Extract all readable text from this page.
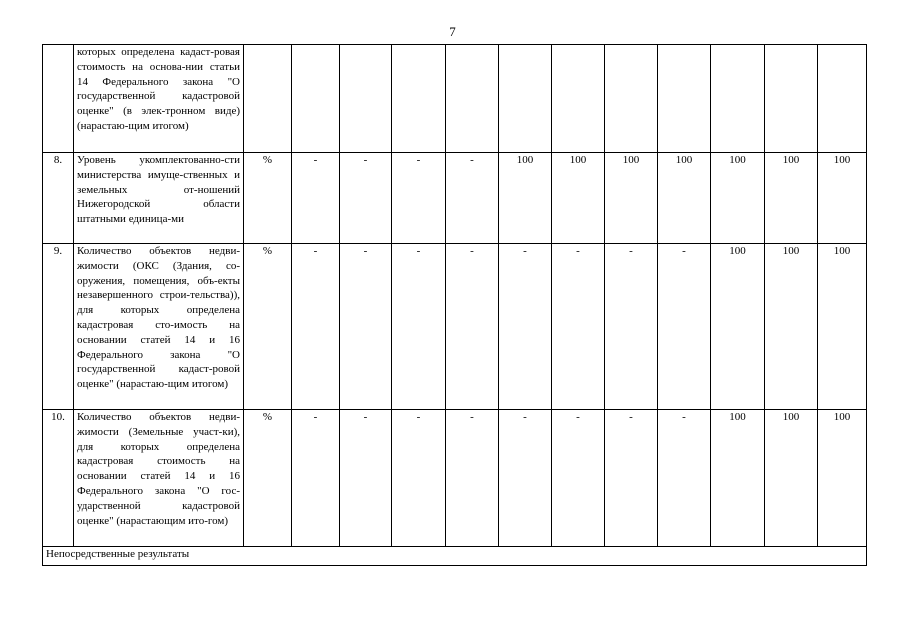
7
	которых определена кадаст-ровая стоимость на основа-нии статьи 14 Федерального закона "О государственной кадастровой оценке" (в элек-тронном виде) (нарастаю-щим итогом)												
8.	Уровень укомплектованно-сти министерства имуще-ственных и земельных от-ношений Нижегородской области штатными единица-ми	%	-	-	-	-	100	100	100	100	100	100	100
9.	Количество объектов недви-жимости (ОКС (Здания, со-оружения, помещения, объ-екты незавершенного строи-тельства)), для которых определена кадастровая сто-имость на основании статей 14 и 16 Федерального закона "О государственной кадаст-ровой оценке" (нарастаю-щим итогом)	%	-	-	-	-	-	-	-	-	100	100	100
10.	Количество объектов недви-жимости (Земельные участ-ки), для которых определена кадастровая стоимость на основании статей 14 и 16 Федерального закона "О гос-ударственной кадастровой оценке" (нарастающим ито-гом)	%	-	-	-	-	-	-	-	-	100	100	100
Непосредственные результаты													
